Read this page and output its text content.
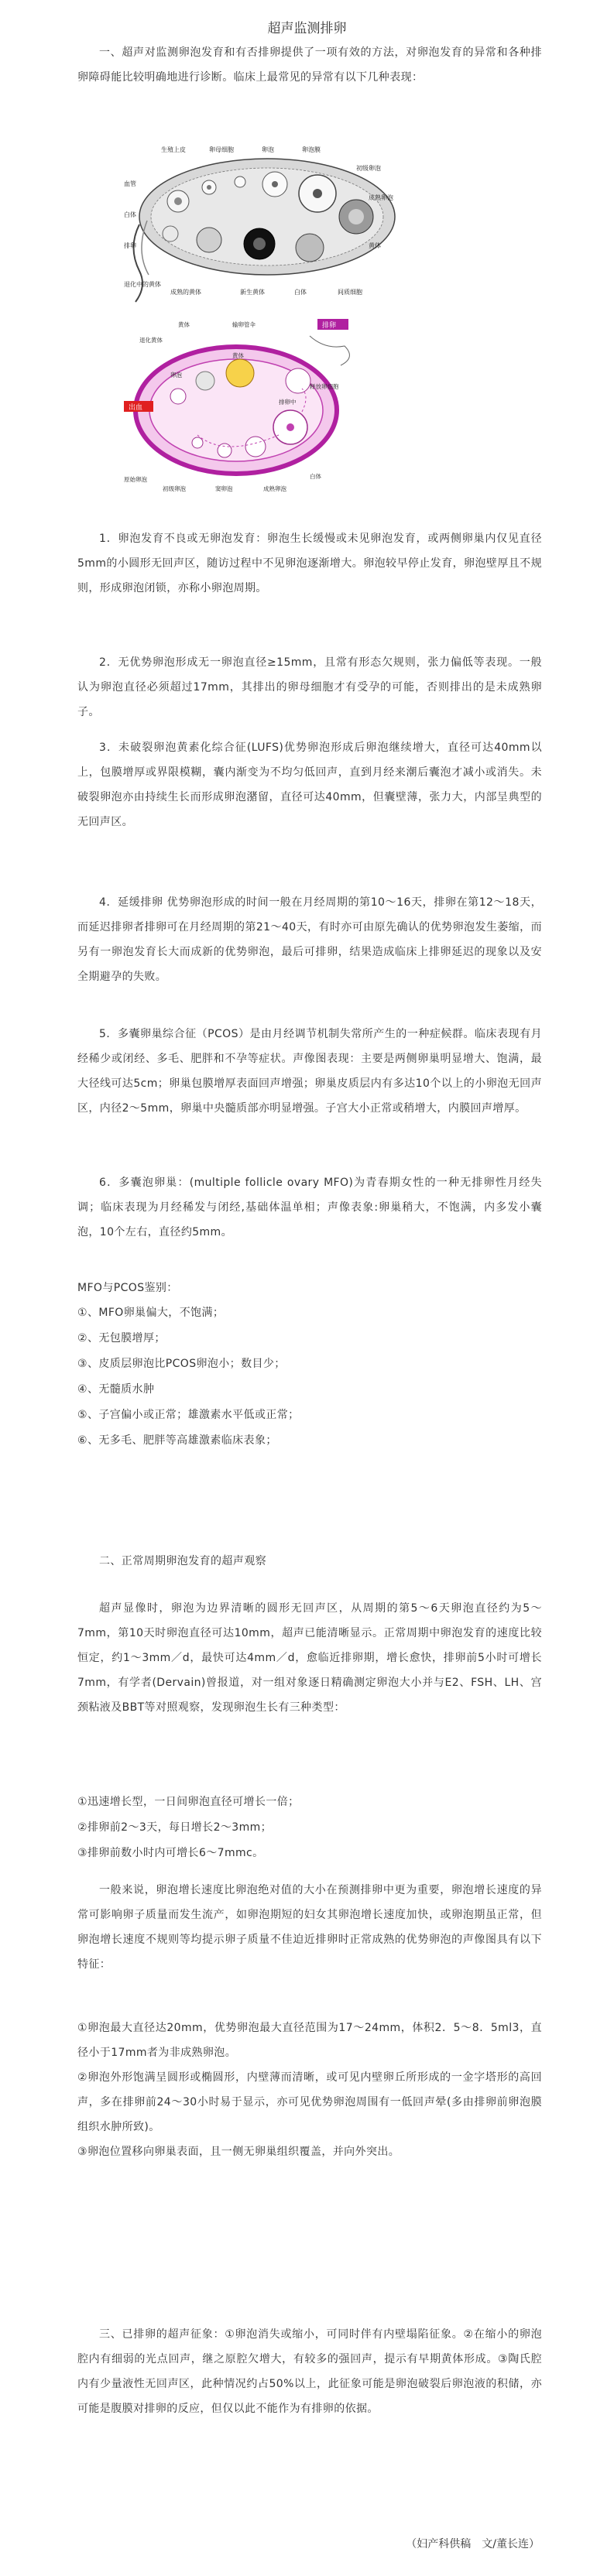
超声监测排卵
一、超声对监测卵泡发育和有否排卵提供了一项有效的方法，对卵泡发育的异常和各种排卵障碍能比较明确地进行诊断。临床上最常见的异常有以下几种表现：
生殖上皮	卵母细胞	卵泡	卵泡膜
血管
白体
排卵
退化中的黄体
成熟的黄体
初级卵泡
成熟卵泡
黄体
新生黄体	白体	间质细胞
排卵
出血
黄体	输卵管伞
退化黄体
原始卵泡
初级卵泡	窦卵泡	成熟卵泡
释放卵细胞
白体
黄体
卵泡
排卵中
1．卵泡发育不良或无卵泡发育：卵泡生长缓慢或未见卵泡发育，或两侧卵巢内仅见直径5mm的小圆形无回声区，随访过程中不见卵泡逐渐增大。卵泡较早停止发育，卵泡壁厚且不规则，形成卵泡闭锁，亦称小卵泡周期。
2．无优势卵泡形成无一卵泡直径≥15mm，且常有形态欠规则，张力偏低等表现。一般认为卵泡直径必须超过17mm，其排出的卵母细胞才有受孕的可能，否则排出的是未成熟卵子。
3．未破裂卵泡黄素化综合征(LUFS)优势卵泡形成后卵泡继续增大，直径可达40mm以上，包膜增厚或界限模糊，囊内渐变为不均匀低回声，直到月经来潮后囊泡才减小或消失。未破裂卵泡亦由持续生长而形成卵泡潴留，直径可达40mm，但囊壁薄，张力大，内部呈典型的无回声区。
4．延缓排卵 优势卵泡形成的时间一般在月经周期的第10～16天，排卵在第12～18天，而延迟排卵者排卵可在月经周期的第21～40天，有时亦可由原先确认的优势卵泡发生萎缩，而另有一卵泡发育长大而成新的优势卵泡，最后可排卵，结果造成临床上排卵延迟的现象以及安全期避孕的失败。
5．多囊卵巢综合征（PCOS）是由月经调节机制失常所产生的一种症候群。临床表现有月经稀少或闭经、多毛、肥胖和不孕等症状。声像图表现：主要是两侧卵巢明显增大、饱满，最大径线可达5cm；卵巢包膜增厚表面回声增强；卵巢皮质层内有多达10个以上的小卵泡无回声区，内径2～5mm，卵巢中央髓质部亦明显增强。子宫大小正常或稍增大，内膜回声增厚。
6．多囊泡卵巢：(multiple follicle ovary MFO)为青春期女性的一种无排卵性月经失调；临床表现为月经稀发与闭经,基础体温单相；声像表象:卵巢稍大，不饱满，内多发小囊泡，10个左右，直径约5mm。
MFO与PCOS鉴别：
①、MFO卵巢偏大，不饱满；
②、无包膜增厚；
③、皮质层卵泡比PCOS卵泡小；数目少；
④、无髓质水肿
⑤、子宫偏小或正常；雄激素水平低或正常；
⑥、无多毛、肥胖等高雄激素临床表象；
二、正常周期卵泡发育的超声观察
超声显像时，卵泡为边界清晰的圆形无回声区，从周期的第5～6天卵泡直径约为5～7mm，第10天时卵泡直径可达10mm，超声已能清晰显示。正常周期中卵泡发育的速度比较恒定，约1～3mm／d，最快可达4mm／d，愈临近排卵期，增长愈快，排卵前5小时可增长7mm，有学者(Dervain)曾报道，对一组对象逐日精确测定卵泡大小并与E2、FSH、LH、宫颈粘液及BBT等对照观察，发现卵泡生长有三种类型：
①迅速增长型，一日间卵泡直径可增长一倍；
②排卵前2～3天，每日增长2～3mm；
③排卵前数小时内可增长6～7mmc。
一般来说，卵泡增长速度比卵泡绝对值的大小在预测排卵中更为重要，卵泡增长速度的异常可影响卵子质量而发生流产，如卵泡期短的妇女其卵泡增长速度加快，或卵泡期虽正常，但卵泡增长速度不规则等均提示卵子质量不佳迫近排卵时正常成熟的优势卵泡的声像图具有以下特征：
①卵泡最大直径达20mm，优势卵泡最大直径范围为17～24mm，体积2．5～8．5ml3，直径小于17mm者为非成熟卵泡。
②卵泡外形饱满呈圆形或椭圆形，内壁薄而清晰，或可见内壁卵丘所形成的一金字塔形的高回声，多在排卵前24～30小时易于显示，亦可见优势卵泡周围有一低回声晕(多由排卵前卵泡膜组织水肿所致)。
③卵泡位置移向卵巢表面，且一侧无卵巢组织覆盖，并向外突出。
三、已排卵的超声征象：①卵泡消失或缩小，可同时伴有内壁塌陷征象。②在缩小的卵泡腔内有细弱的光点回声，继之原腔欠增大，有较多的强回声，提示有早期黄体形成。③陶氏腔内有少量液性无回声区，此种情况约占50%以上，此征象可能是卵泡破裂后卵泡液的积储，亦可能是腹膜对排卵的反应，但仅以此不能作为有排卵的依据。
（妇产科供稿　文/董长连）
